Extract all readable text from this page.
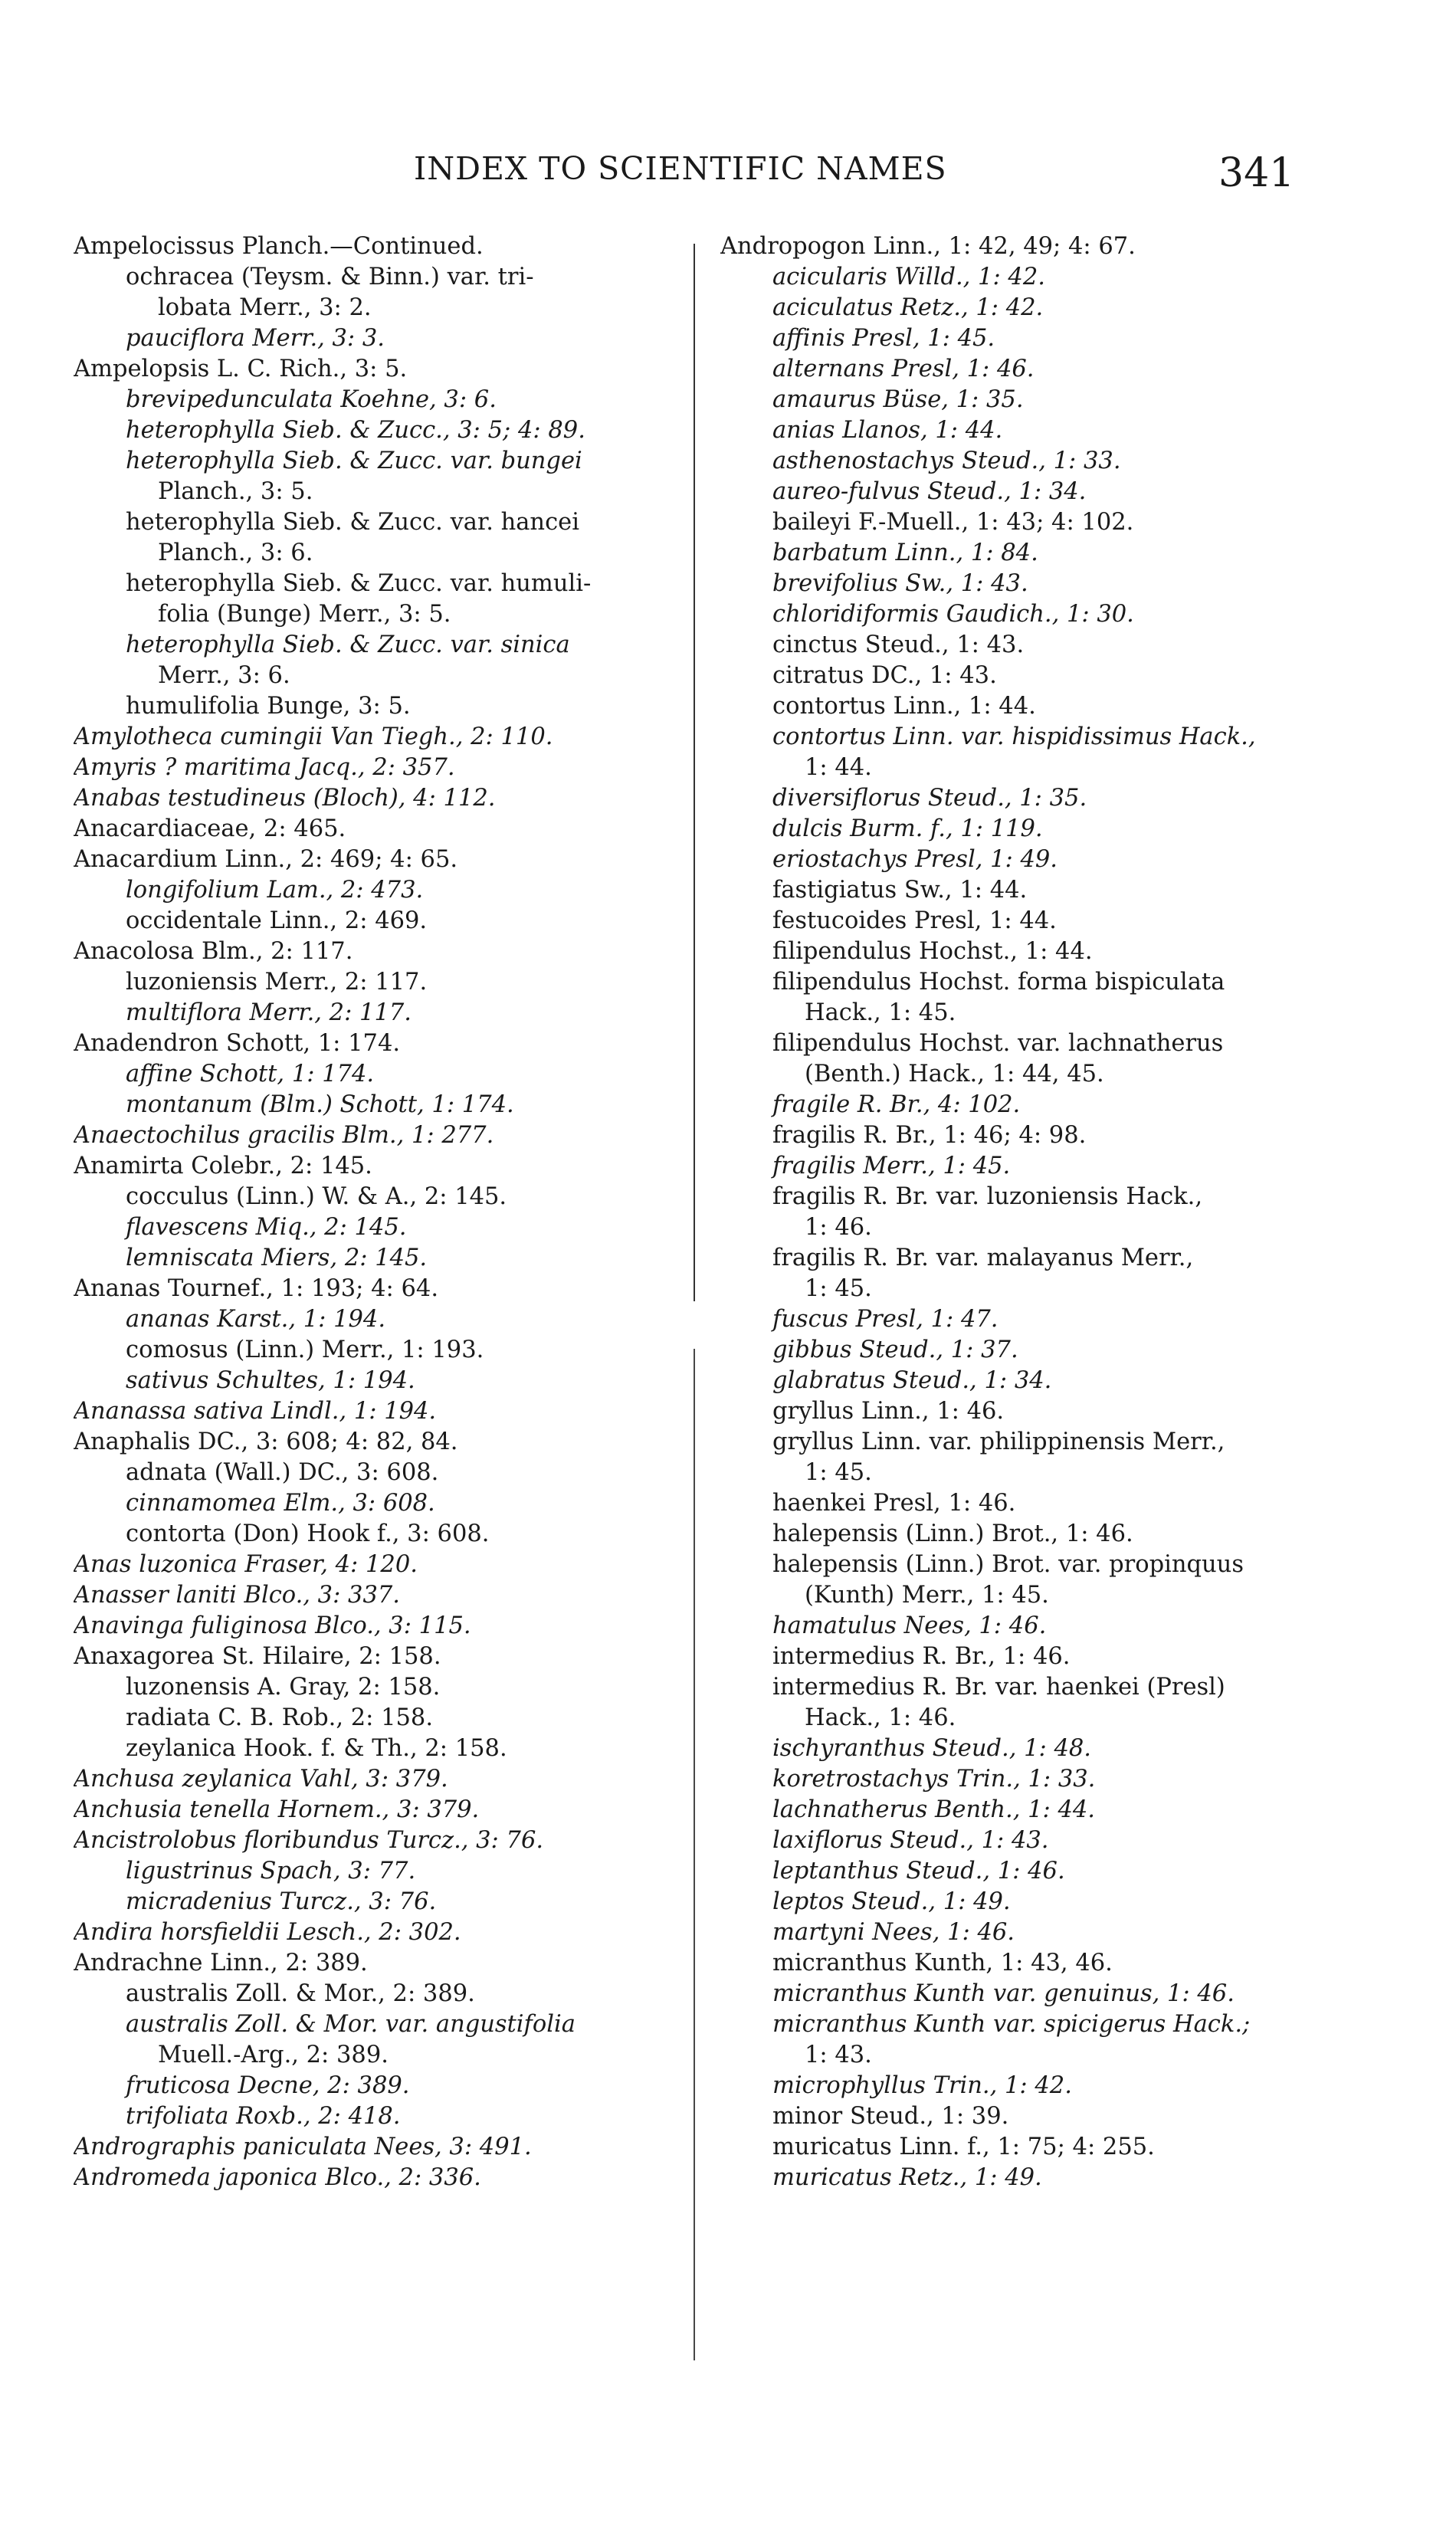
INDEX TO SCIENTIFIC NAMES	341
Ampelocissus Planch.—Continued.
ochracea (Teysm. & Binn.) var. tri-
lobata Merr., 3: 2.
pauciflora Merr., 3: 3.
Ampelopsis L. C. Rich., 3: 5.
brevipedunculata Koehne, 3: 6.
heterophylla Sieb. & Zucc., 3: 5; 4: 89.
heterophylla Sieb. & Zucc. var. bungei
Planch., 3: 5.
heterophylla Sieb. & Zucc. var. hancei
Planch., 3: 6.
heterophylla Sieb. & Zucc. var. humuli-
folia (Bunge) Merr., 3: 5.
heterophylla Sieb. & Zucc. var. sinica
Merr., 3: 6.
humulifolia Bunge, 3: 5.
Amylotheca cumingii Van Tiegh., 2: 110.
Amyris ? maritima Jacq., 2: 357.
Anabas testudineus (Bloch), 4: 112.
Anacardiaceae, 2: 465.
Anacardium Linn., 2: 469; 4: 65.
longifolium Lam., 2: 473.
occidentale Linn., 2: 469.
Anacolosa Blm., 2: 117.
luzoniensis Merr., 2: 117.
multiflora Merr., 2: 117.
Anadendron Schott, 1: 174.
affine Schott, 1: 174.
montanum (Blm.) Schott, 1: 174.
Anaectochilus gracilis Blm., 1: 277.
Anamirta Colebr., 2: 145.
cocculus (Linn.) W. & A., 2: 145.
flavescens Miq., 2: 145.
lemniscata Miers, 2: 145.
Ananas Tournef., 1: 193; 4: 64.
ananas Karst., 1: 194.
comosus (Linn.) Merr., 1: 193.
sativus Schultes, 1: 194.
Ananassa sativa Lindl., 1: 194.
Anaphalis DC., 3: 608; 4: 82, 84.
adnata (Wall.) DC., 3: 608.
cinnamomea Elm., 3: 608.
contorta (Don) Hook f., 3: 608.
Anas luzonica Fraser, 4: 120.
Anasser laniti Blco., 3: 337.
Anavinga fuliginosa Blco., 3: 115.
Anaxagorea St. Hilaire, 2: 158.
luzonensis A. Gray, 2: 158.
radiata C. B. Rob., 2: 158.
zeylanica Hook. f. & Th., 2: 158.
Anchusa zeylanica Vahl, 3: 379.
Anchusia tenella Hornem., 3: 379.
Ancistrolobus floribundus Turcz., 3: 76.
ligustrinus Spach, 3: 77.
micradenius Turcz., 3: 76.
Andira horsfieldii Lesch., 2: 302.
Andrachne Linn., 2: 389.
australis Zoll. & Mor., 2: 389.
australis Zoll. & Mor. var. angustifolia
Muell.-Arg., 2: 389.
fruticosa Decne, 2: 389.
trifoliata Roxb., 2: 418.
Andrographis paniculata Nees, 3: 491.
Andromeda japonica Blco., 2: 336.
Andropogon Linn., 1: 42, 49; 4: 67.
acicularis Willd., 1: 42.
aciculatus Retz., 1: 42.
affinis Presl, 1: 45.
alternans Presl, 1: 46.
amaurus Büse, 1: 35.
anias Llanos, 1: 44.
asthenostachys Steud., 1: 33.
aureo-fulvus Steud., 1: 34.
baileyi F.-Muell., 1: 43; 4: 102.
barbatum Linn., 1: 84.
brevifolius Sw., 1: 43.
chloridiformis Gaudich., 1: 30.
cinctus Steud., 1: 43.
citratus DC., 1: 43.
contortus Linn., 1: 44.
contortus Linn. var. hispidissimus Hack.,
1: 44.
diversiflorus Steud., 1: 35.
dulcis Burm. f., 1: 119.
eriostachys Presl, 1: 49.
fastigiatus Sw., 1: 44.
festucoides Presl, 1: 44.
filipendulus Hochst., 1: 44.
filipendulus Hochst. forma bispiculata
Hack., 1: 45.
filipendulus Hochst. var. lachnatherus
(Benth.) Hack., 1: 44, 45.
fragile R. Br., 4: 102.
fragilis R. Br., 1: 46; 4: 98.
fragilis Merr., 1: 45.
fragilis R. Br. var. luzoniensis Hack.,
1: 46.
fragilis R. Br. var. malayanus Merr.,
1: 45.
fuscus Presl, 1: 47.
gibbus Steud., 1: 37.
glabratus Steud., 1: 34.
gryllus Linn., 1: 46.
gryllus Linn. var. philippinensis Merr.,
1: 45.
haenkei Presl, 1: 46.
halepensis (Linn.) Brot., 1: 46.
halepensis (Linn.) Brot. var. propinquus
(Kunth) Merr., 1: 45.
hamatulus Nees, 1: 46.
intermedius R. Br., 1: 46.
intermedius R. Br. var. haenkei (Presl)
Hack., 1: 46.
ischyranthus Steud., 1: 48.
koretrostachys Trin., 1: 33.
lachnatherus Benth., 1: 44.
laxiflorus Steud., 1: 43.
leptanthus Steud., 1: 46.
leptos Steud., 1: 49.
martyni Nees, 1: 46.
micranthus Kunth, 1: 43, 46.
micranthus Kunth var. genuinus, 1: 46.
micranthus Kunth var. spicigerus Hack.;
1: 43.
microphyllus Trin., 1: 42.
minor Steud., 1: 39.
muricatus Linn. f., 1: 75; 4: 255.
muricatus Retz., 1: 49.
